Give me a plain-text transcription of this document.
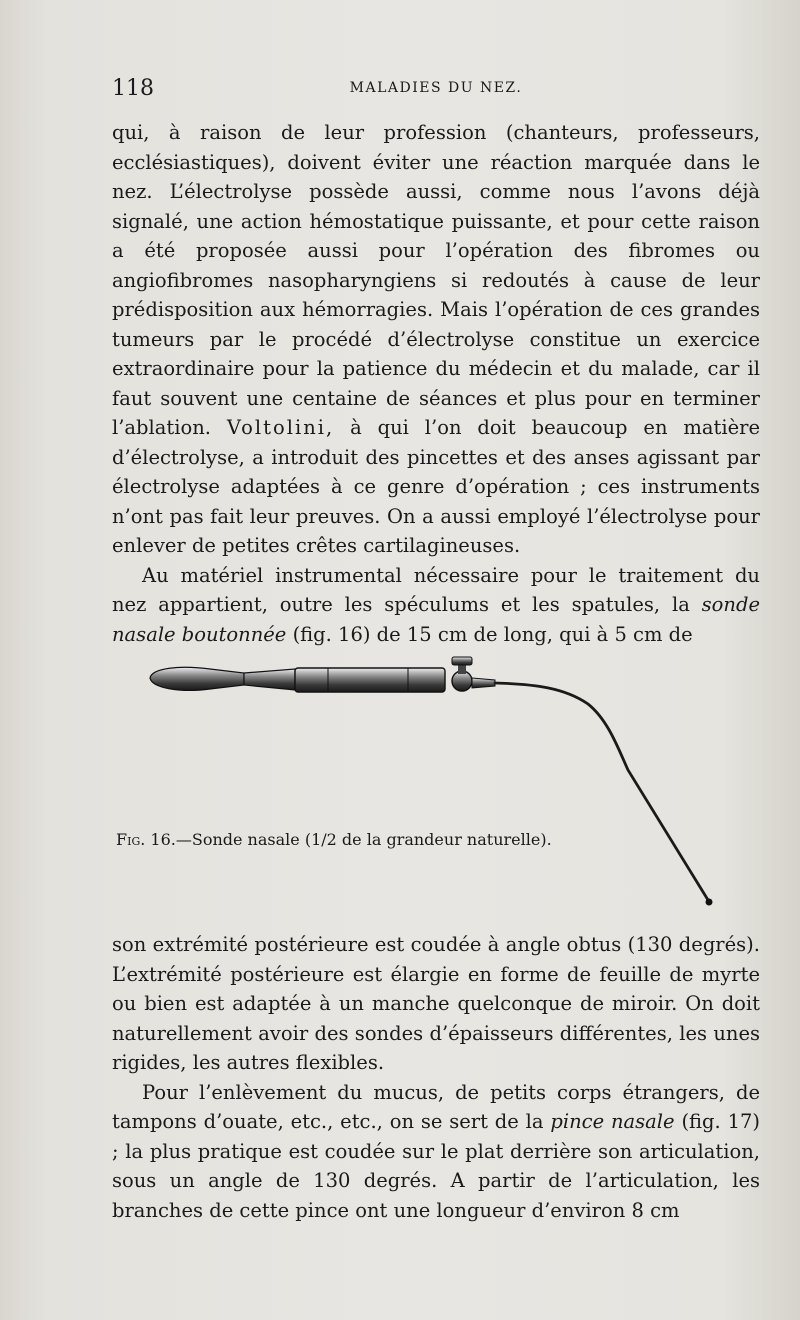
118	MALADIES DU NEZ.

qui, à raison de leur profession (chanteurs, professeurs, ecclésiastiques), doivent éviter une réaction marquée dans le nez. L’électrolyse possède aussi, comme nous l’avons déjà signalé, une action hémostatique puissante, et pour cette raison a été proposée aussi pour l’opération des fibromes ou angiofibromes nasopharyngiens si redoutés à cause de leur prédisposition aux hémorragies. Mais l’opération de ces grandes tumeurs par le procédé d’électrolyse constitue un exercice extraordinaire pour la patience du médecin et du malade, car il faut souvent une centaine de séances et plus pour en terminer l’ablation. Voltolini, à qui l’on doit beaucoup en matière d’électrolyse, a introduit des pincettes et des anses agissant par électrolyse adaptées à ce genre d’opération ; ces instruments n’ont pas fait leur preuves. On a aussi employé l’électrolyse pour enlever de petites crêtes cartilagineuses.

Au matériel instrumental nécessaire pour le traitement du nez appartient, outre les spéculums et les spatules, la sonde nasale boutonnée (fig. 16) de 15 cm de long, qui à 5 cm de

Fig. 16.—Sonde nasale (1/2 de la grandeur naturelle).

son extrémité postérieure est coudée à angle obtus (130 degrés). L’extrémité postérieure est élargie en forme de feuille de myrte ou bien est adaptée à un manche quelconque de miroir. On doit naturellement avoir des sondes d’épaisseurs différentes, les unes rigides, les autres flexibles.

Pour l’enlèvement du mucus, de petits corps étrangers, de tampons d’ouate, etc., etc., on se sert de la pince nasale (fig. 17) ; la plus pratique est coudée sur le plat derrière son articulation, sous un angle de 130 degrés. A partir de l’articulation, les branches de cette pince ont une longueur d’environ 8 cm
